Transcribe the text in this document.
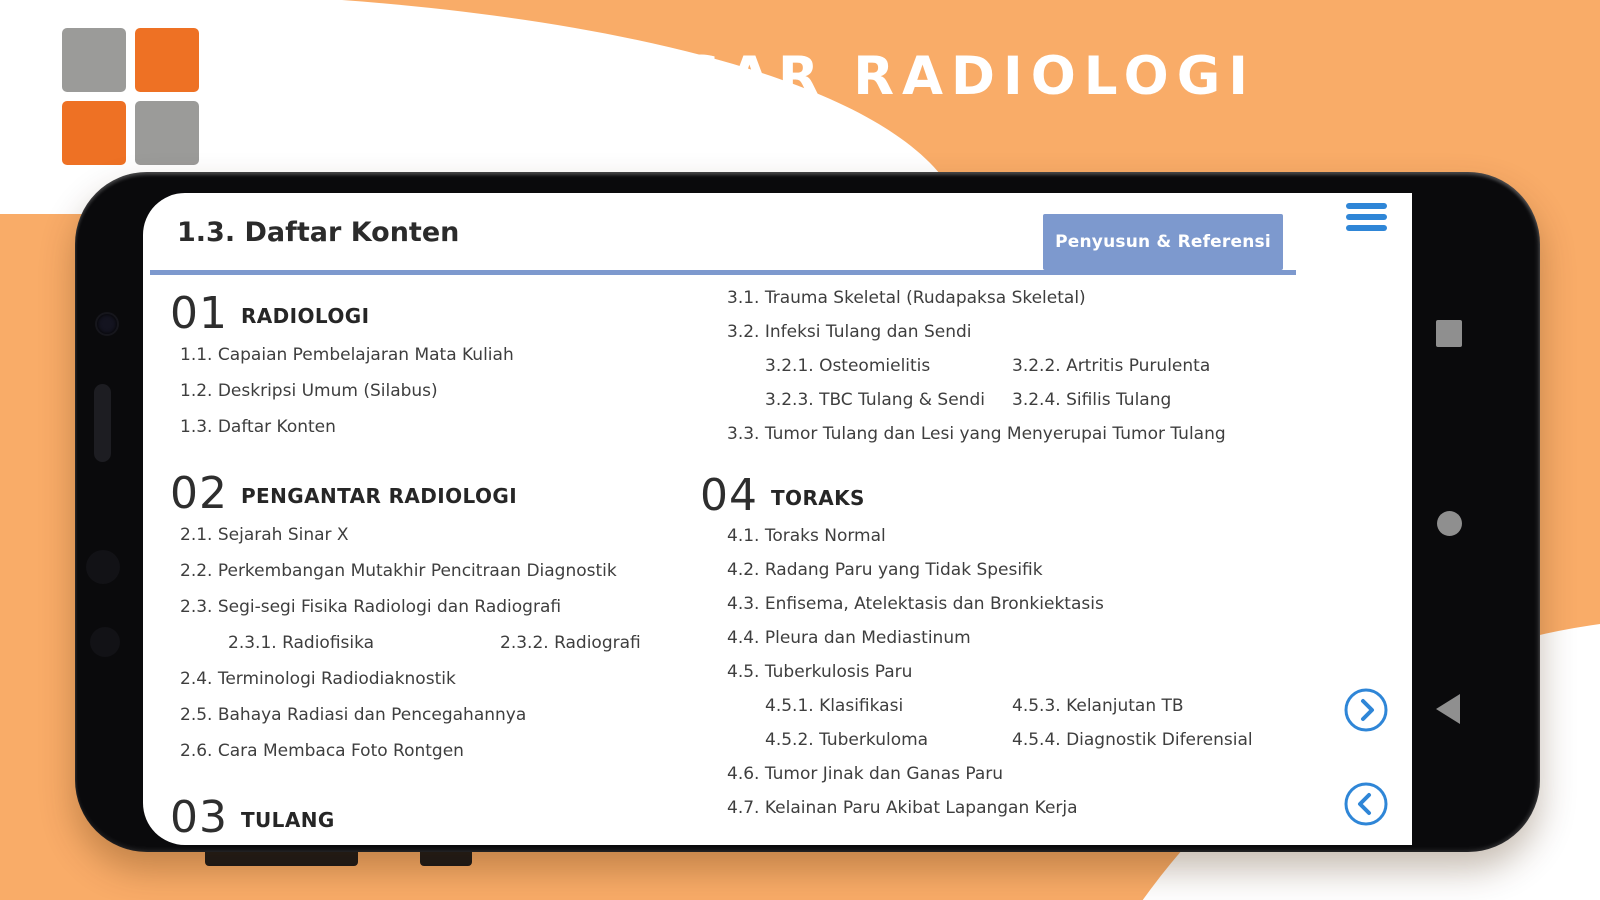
ILMU DASAR RADIOLOGI
1.3. Daftar Konten	Penyusun & Referensi
01 RADIOLOGI
1.1. Capaian Pembelajaran Mata Kuliah
1.2. Deskripsi Umum (Silabus)
1.3. Daftar Konten
02 PENGANTAR RADIOLOGI
2.1. Sejarah Sinar X
2.2. Perkembangan Mutakhir Pencitraan Diagnostik
2.3. Segi-segi Fisika Radiologi dan Radiografi
2.3.1. Radiofisika	2.3.2. Radiografi
2.4. Terminologi Radiodiaknostik
2.5. Bahaya Radiasi dan Pencegahannya
2.6. Cara Membaca Foto Rontgen
03 TULANG
3.1. Trauma Skeletal (Rudapaksa Skeletal)
3.2. Infeksi Tulang dan Sendi
3.2.1. Osteomielitis	3.2.2. Artritis Purulenta
3.2.3. TBC Tulang & Sendi	3.2.4. Sifilis Tulang
3.3. Tumor Tulang dan Lesi yang Menyerupai Tumor Tulang
04 TORAKS
4.1. Toraks Normal
4.2. Radang Paru yang Tidak Spesifik
4.3. Enfisema, Atelektasis dan Bronkiektasis
4.4. Pleura dan Mediastinum
4.5. Tuberkulosis Paru
4.5.1. Klasifikasi	4.5.3. Kelanjutan TB
4.5.2. Tuberkuloma	4.5.4. Diagnostik Diferensial
4.6. Tumor Jinak dan Ganas Paru
4.7. Kelainan Paru Akibat Lapangan Kerja
